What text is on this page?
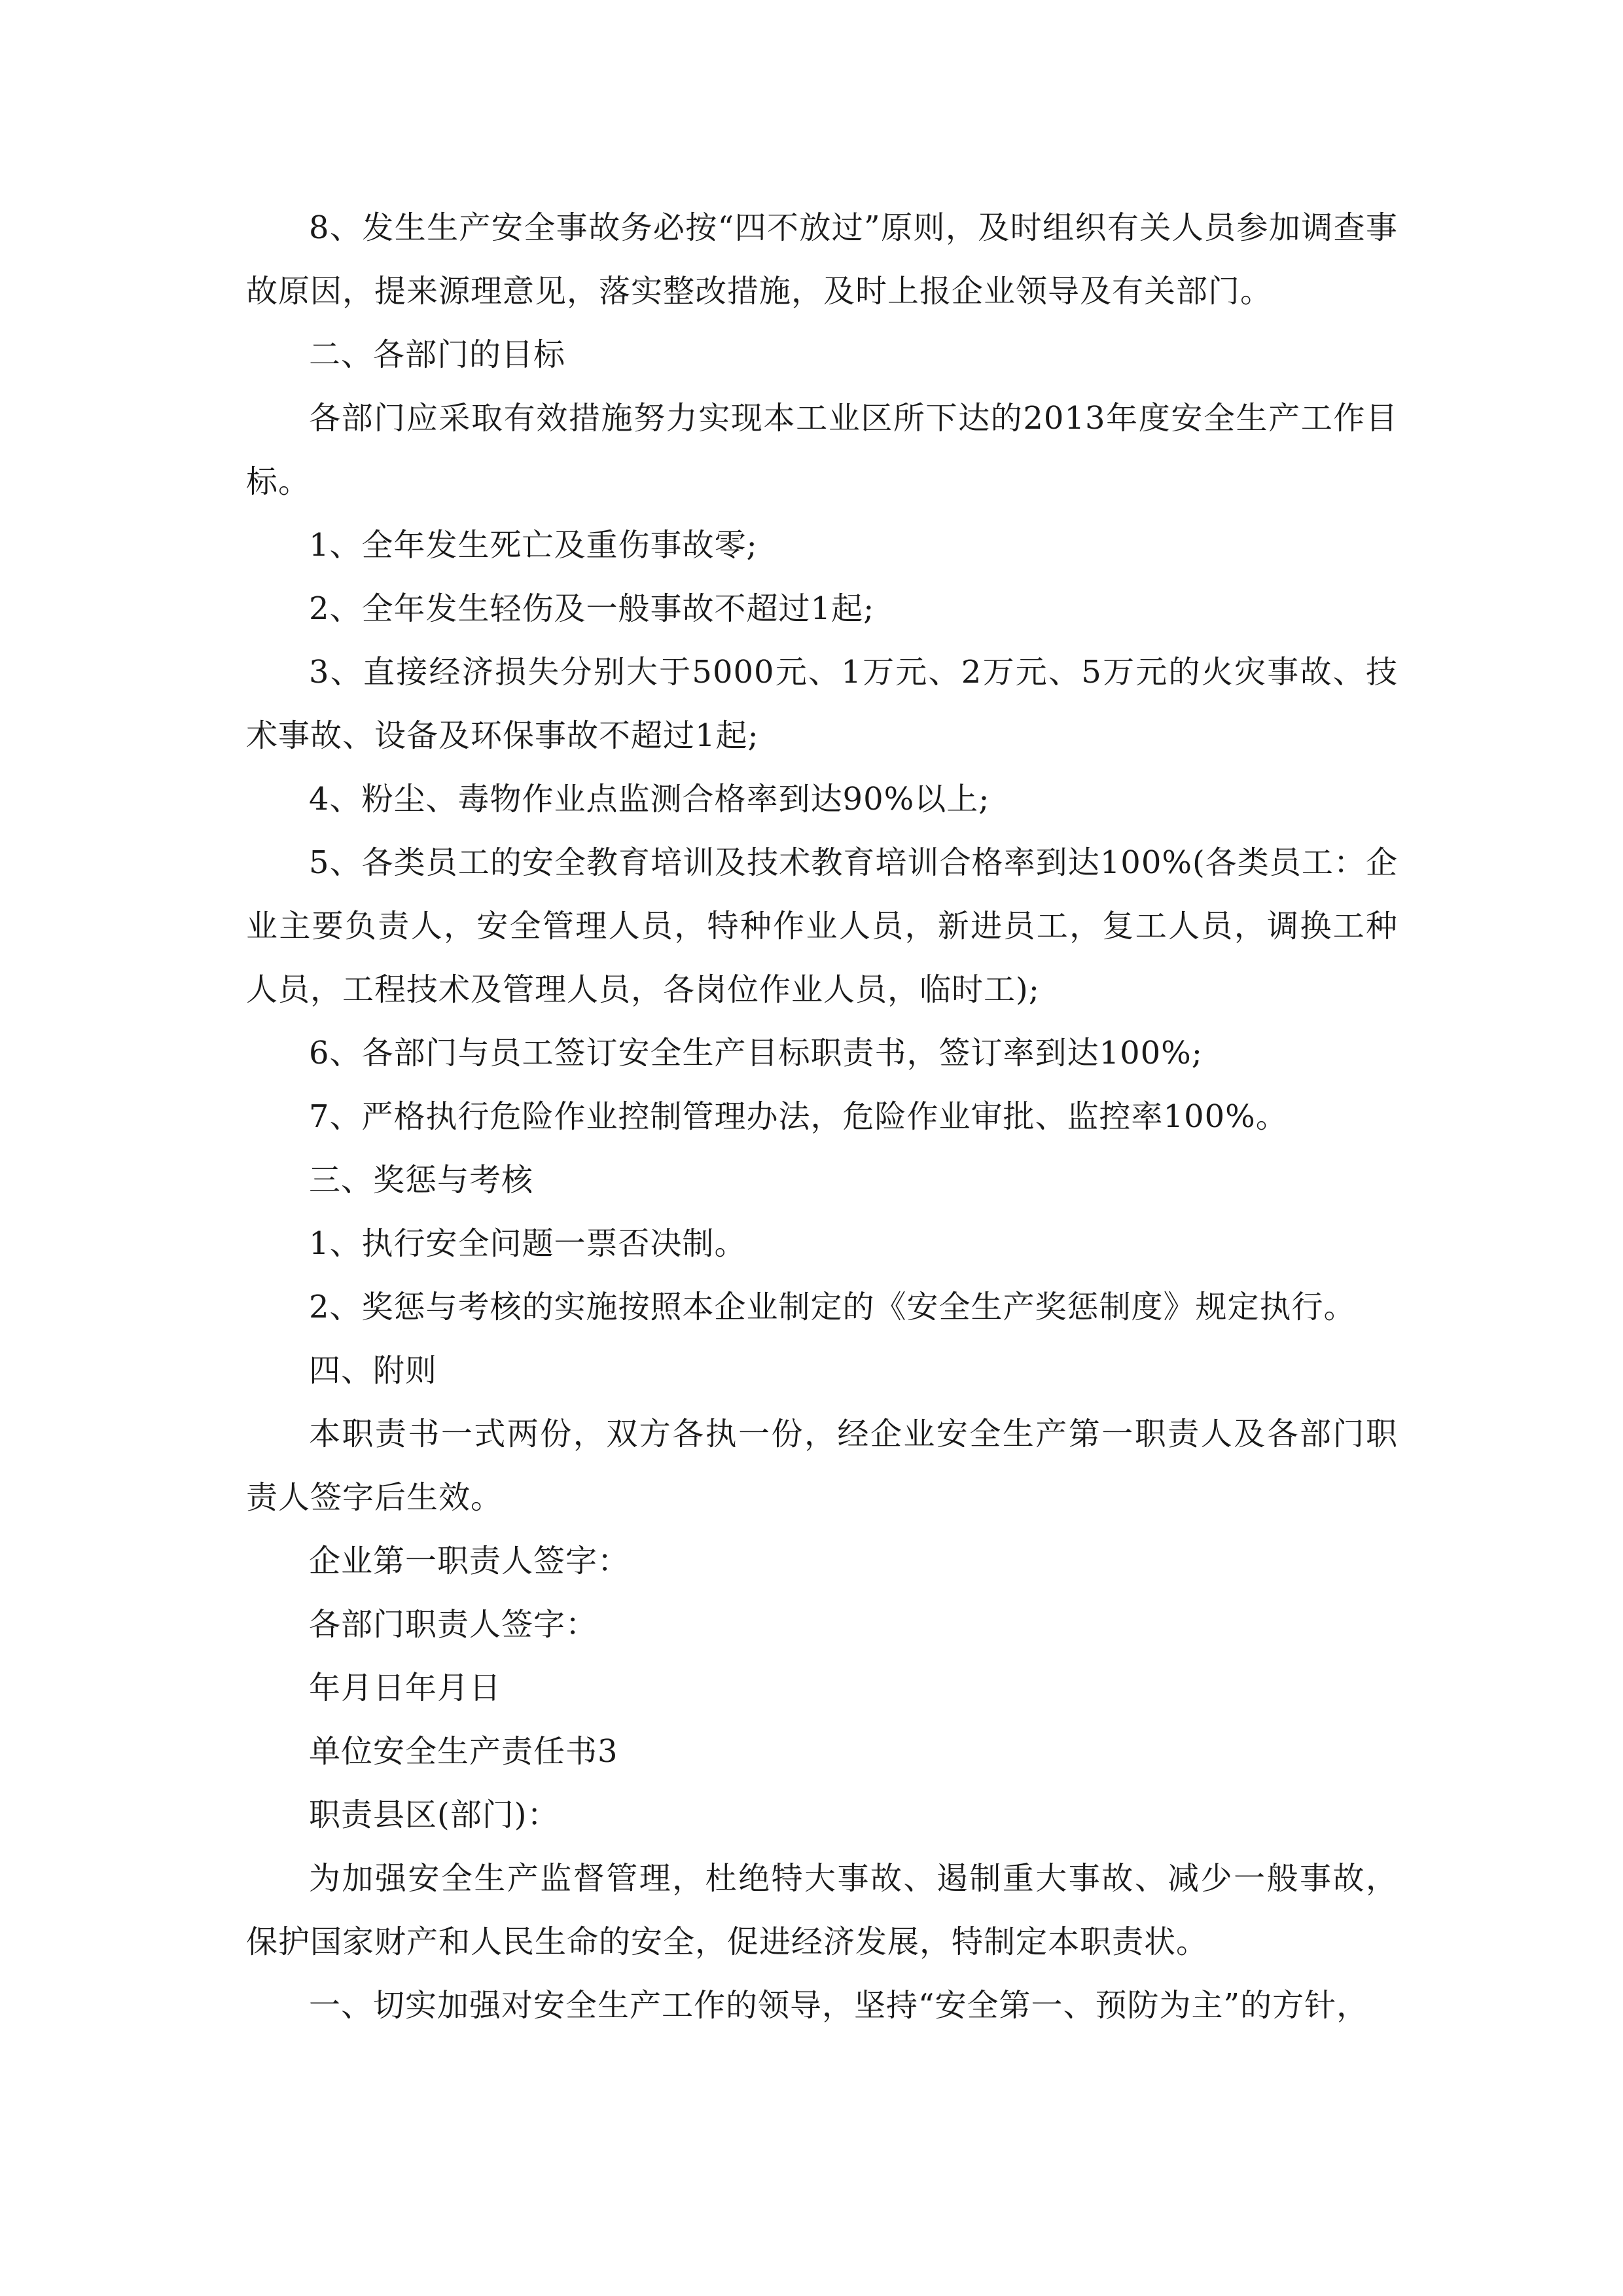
8、发生生产安全事故务必按“四不放过”原则，及时组织有关人员参加调查事故原因，提来源理意见，落实整改措施，及时上报企业领导及有关部门。

二、各部门的目标

各部门应采取有效措施努力实现本工业区所下达的2013年度安全生产工作目标。

1、全年发生死亡及重伤事故零;

2、全年发生轻伤及一般事故不超过1起;

3、直接经济损失分别大于5000元、1万元、2万元、5万元的火灾事故、技术事故、设备及环保事故不超过1起;

4、粉尘、毒物作业点监测合格率到达90%以上;

5、各类员工的安全教育培训及技术教育培训合格率到达100%(各类员工：企业主要负责人，安全管理人员，特种作业人员，新进员工，复工人员，调换工种人员，工程技术及管理人员，各岗位作业人员，临时工);

6、各部门与员工签订安全生产目标职责书，签订率到达100%;

7、严格执行危险作业控制管理办法，危险作业审批、监控率100%。

三、奖惩与考核

1、执行安全问题一票否决制。

2、奖惩与考核的实施按照本企业制定的《安全生产奖惩制度》规定执行。

四、附则

本职责书一式两份，双方各执一份，经企业安全生产第一职责人及各部门职责人签字后生效。

企业第一职责人签字：

各部门职责人签字：

年月日年月日

单位安全生产责任书3

职责县区(部门)：

为加强安全生产监督管理，杜绝特大事故、遏制重大事故、减少一般事故，保护国家财产和人民生命的安全，促进经济发展，特制定本职责状。

一、切实加强对安全生产工作的领导，坚持“安全第一、预防为主”的方针，
